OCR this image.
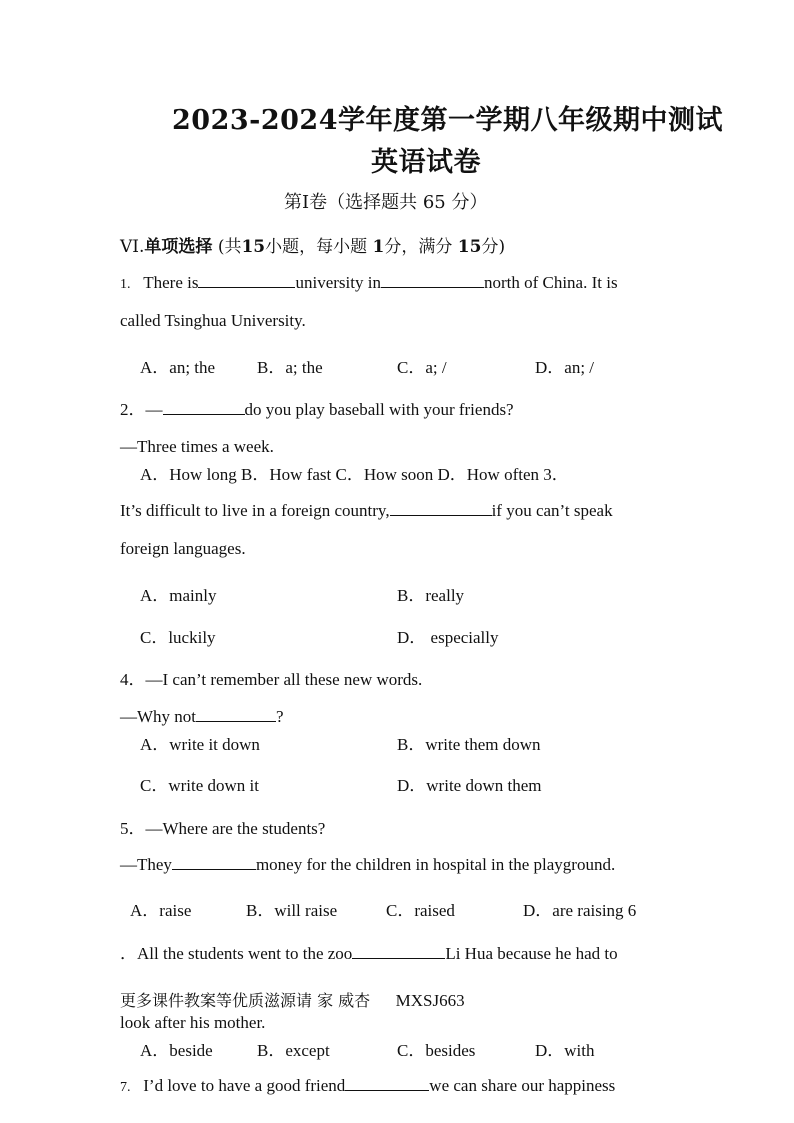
2023-2024学年度第一学期八年级期中测试
英语试卷
第Ⅰ卷（选择题共 65 分）
VI.单项选择 (共15小题，每小题 1分，满分 15分)
1. There is	university in	north of China. It is
called Tsinghua University.
A．an; the B．a; the	C．a; /	D．an; /
2．—	do you play baseball with your friends?
—Three times a week.
A．How long B．How fast C．How soon D．How often 3．
It’s difficult to live in a foreign country,	if you can’t speak
foreign languages.
A．mainly	B．really
C．luckily	D． especially
4．—I can’t remember all these new words.
—Why not	?
A．write it down	B．write them down
C．write down it	D．write down them
5．—Where are the students?
—They	money for the children in hospital in the playground.
A．raise	B．will raise	C．raised	D．are raising 6
．All the students went to the zoo	Li Hua because he had to
更多课件教案等优质滋源请 家 威杏 MXSJ663
look after his mother.
A．beside	B．except	C．besides	D．with
7. I’d love to have a good friend	we can share our happiness
